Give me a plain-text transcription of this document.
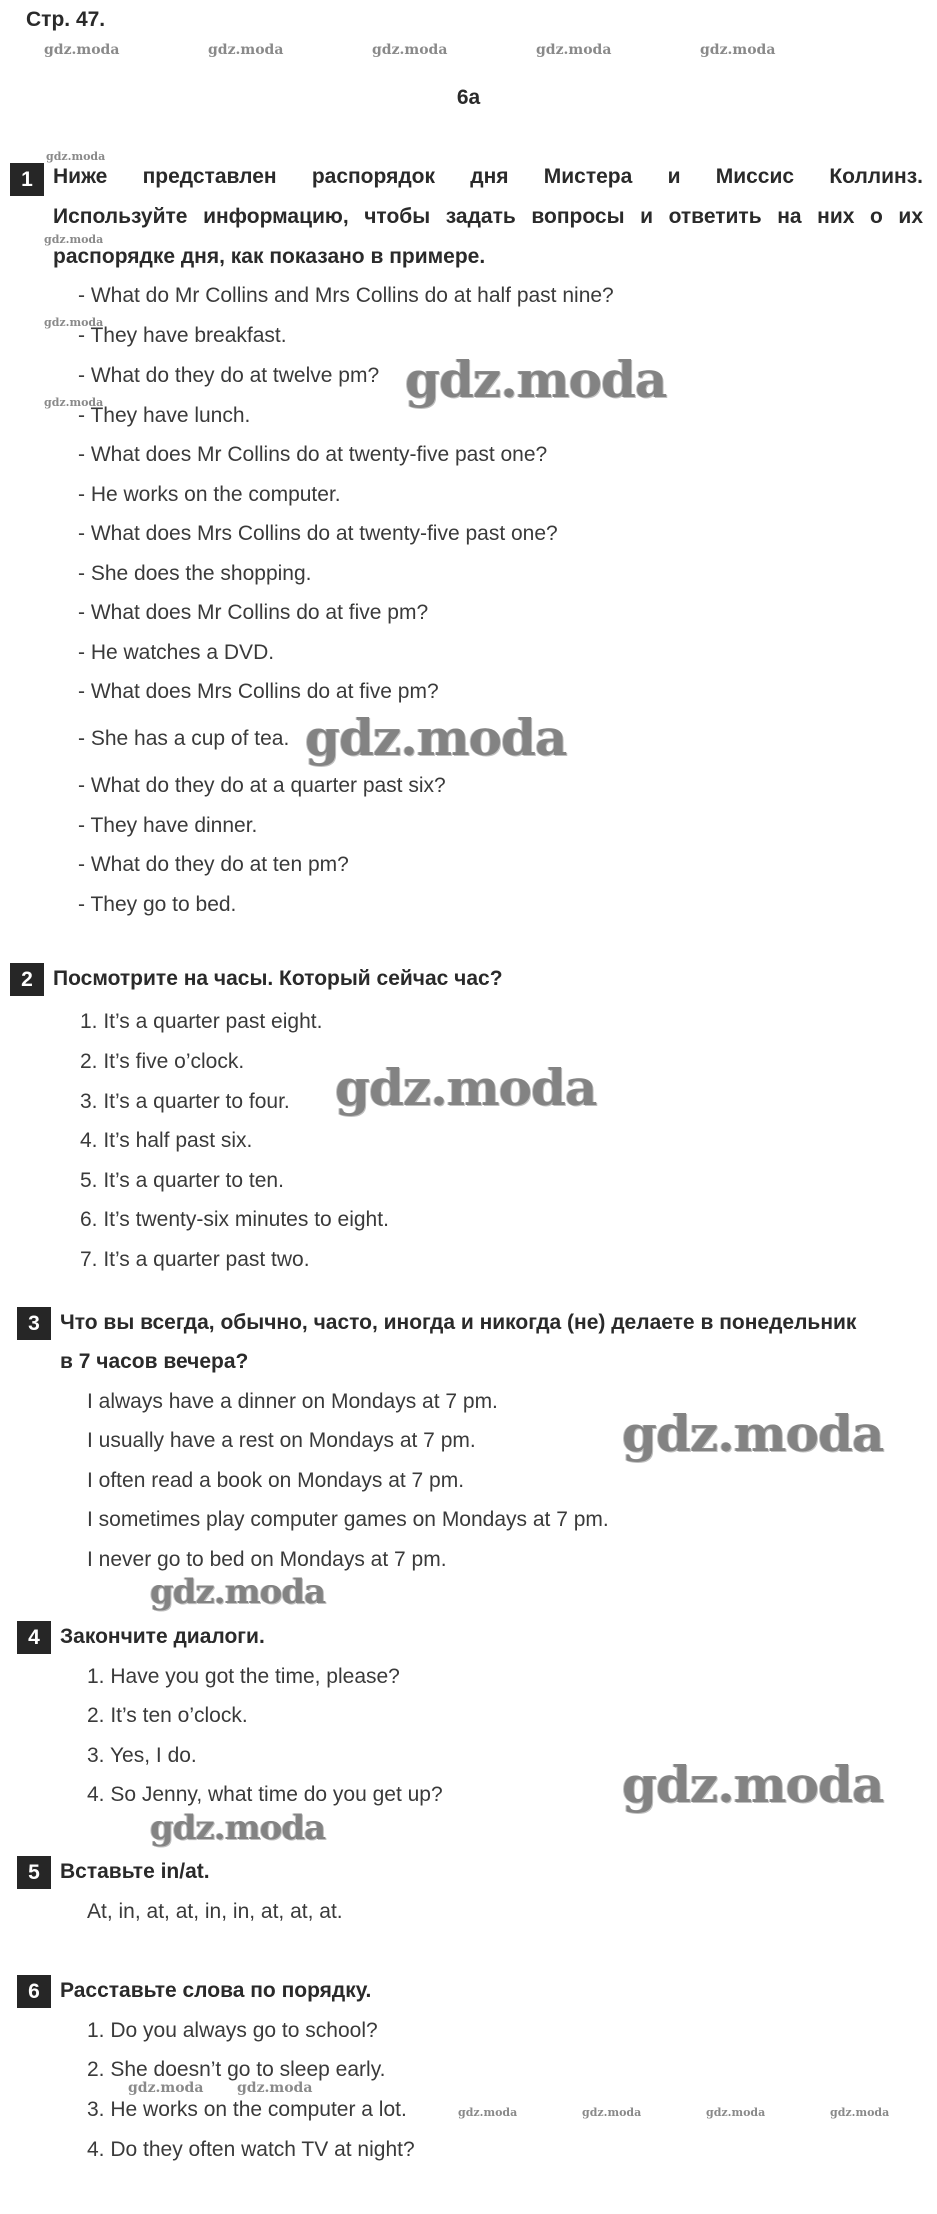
Стр. 47.
gdz.moda	gdz.moda	gdz.moda	gdz.moda	gdz.moda
6a
gdz.moda
1 Ниже представлен распорядок дня Мистера и Миссис Коллинз.
Используйте информацию, чтобы задать вопросы и ответить на них о их
распорядке дня, как показано в примере.
gdz.moda
- What do Mr Collins and Mrs Collins do at half past nine?
gdz.moda
- They have breakfast.
- What do they do at twelve pm?
gdz.moda
- They have lunch.
- What does Mr Collins do at twenty-five past one?
- He works on the computer.
- What does Mrs Collins do at twenty-five past one?
- She does the shopping.
- What does Mr Collins do at five pm?
- He watches a DVD.
- What does Mrs Collins do at five pm?
- She has a cup of tea.
- What do they do at a quarter past six?
- They have dinner.
- What do they do at ten pm?
- They go to bed.
gdz.moda
gdz.moda
2 Посмотрите на часы. Который сейчас час?
1. It’s a quarter past eight.
2. It’s five o’clock.
3. It’s a quarter to four.
4. It’s half past six.
5. It’s a quarter to ten.
6. It’s twenty-six minutes to eight.
7. It’s a quarter past two.
gdz.moda
3 Что вы всегда, обычно, часто, иногда и никогда (не) делаете в понедельник
в 7 часов вечера?
I always have a dinner on Mondays at 7 pm.
I usually have a rest on Mondays at 7 pm.
I often read a book on Mondays at 7 pm.
I sometimes play computer games on Mondays at 7 pm.
I never go to bed on Mondays at 7 pm.
gdz.moda
gdz.moda
4 Закончите диалоги.
1. Have you got the time, please?
2. It’s ten o’clock.
3. Yes, I do.
4. So Jenny, what time do you get up?	gdz.moda
gdz.moda
5 Вставьте in/at.
At, in, at, at, in, in, at, at, at.
6 Расставьте слова по порядку.
1. Do you always go to school?
2. She doesn’t go to sleep early.
3. He works on the computer a lot.
4. Do they often watch TV at night?
gdz.moda gdz.moda
gdz.moda	gdz.moda	gdz.moda	gdz.moda
